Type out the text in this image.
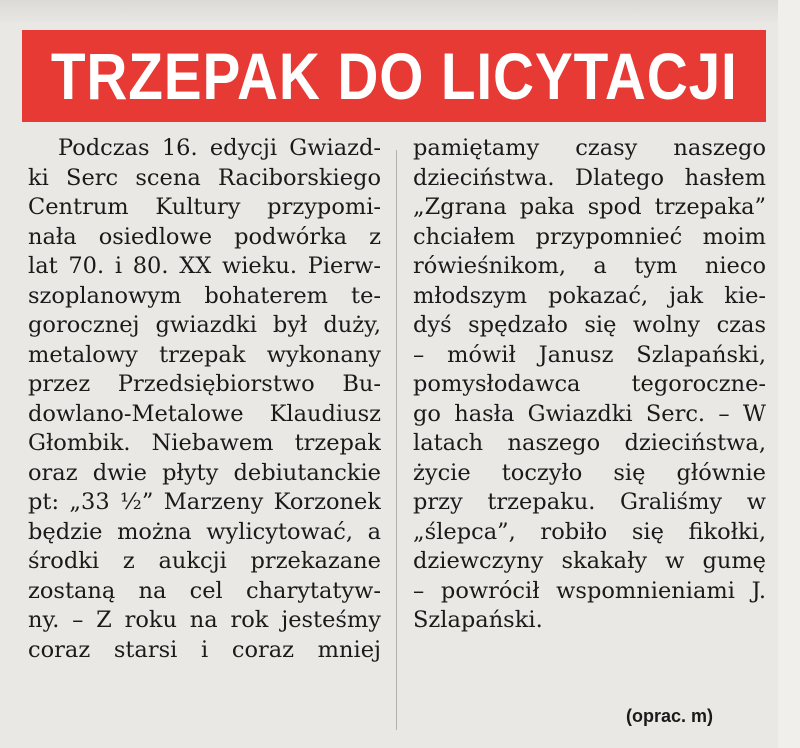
TRZEPAK DO LICYTACJI
Podczas 16. edycji Gwiazd-
ki Serc scena Raciborskiego
Centrum Kultury przypomi-
nała osiedlowe podwórka z
lat 70. i 80. XX wieku. Pierw-
szoplanowym bohaterem te-
gorocznej gwiazdki był duży,
metalowy trzepak wykonany
przez Przedsiębiorstwo Bu-
dowlano-Metalowe Klaudiusz
Głombik. Niebawem trzepak
oraz dwie płyty debiutanckie
pt: „33 ½” Marzeny Korzonek
będzie można wylicytować, a
środki z aukcji przekazane
zostaną na cel charytatyw-
ny. – Z roku na rok jesteśmy
coraz starsi i coraz mniej
pamiętamy czasy naszego
dzieciństwa. Dlatego hasłem
„Zgrana paka spod trzepaka”
chciałem przypomnieć moim
rówieśnikom, a tym nieco
młodszym pokazać, jak kie-
dyś spędzało się wolny czas
– mówił Janusz Szlapański,
pomysłodawca tegoroczne-
go hasła Gwiazdki Serc. – W
latach naszego dzieciństwa,
życie toczyło się głównie
przy trzepaku. Graliśmy w
„ślepca”, robiło się fikołki,
dziewczyny skakały w gumę
– powrócił wspomnieniami J.
Szlapański.
(oprac. m)
